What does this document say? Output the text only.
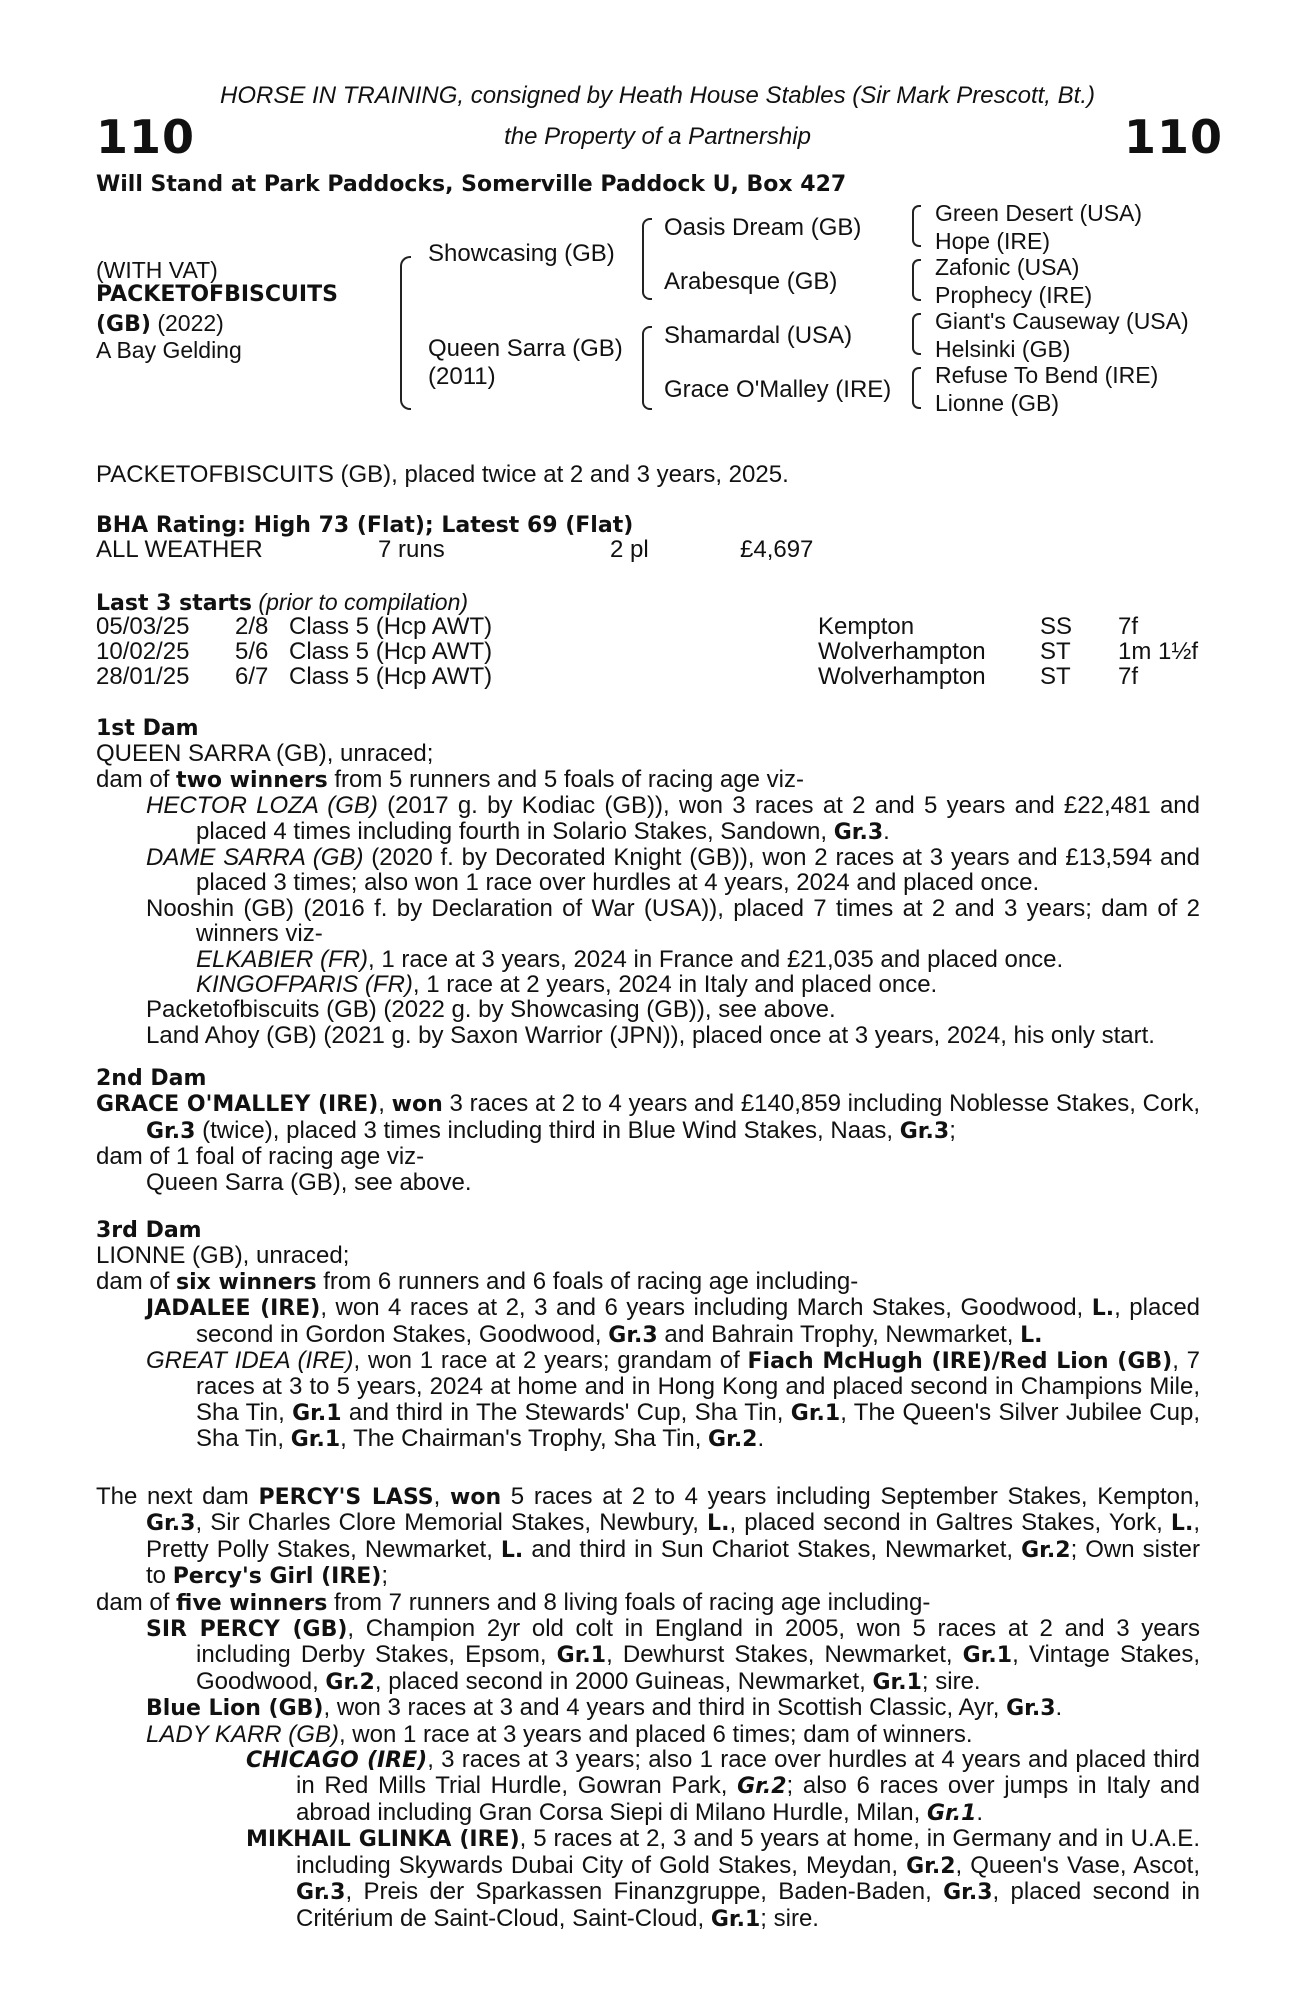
HORSE IN TRAINING, consigned by Heath House Stables (Sir Mark Prescott, Bt.)
110	the Property of a Partnership	110
Will Stand at Park Paddocks, Somerville Paddock U, Box 427
(WITH VAT)
PACKETOFBISCUITS
(GB) (2022)
A Bay Gelding
Showcasing (GB)
Queen Sarra (GB)
(2011)
Oasis Dream (GB)
Arabesque (GB)
Shamardal (USA)
Grace O'Malley (IRE)
Green Desert (USA)
Hope (IRE)
Zafonic (USA)
Prophecy (IRE)
Giant's Causeway (USA)
Helsinki (GB)
Refuse To Bend (IRE)
Lionne (GB)
PACKETOFBISCUITS (GB), placed twice at 2 and 3 years, 2025.
BHA Rating: High 73 (Flat); Latest 69 (Flat)
ALL WEATHER	7 runs	2 pl	£4,697
Last 3 starts (prior to compilation)
05/03/25 2/8 Class 5 (Hcp AWT)	Kempton	SS 7f
10/02/25 5/6 Class 5 (Hcp AWT)	Wolverhampton ST 1m 1½f
28/01/25 6/7 Class 5 (Hcp AWT)	Wolverhampton ST 7f

1st Dam

QUEEN SARRA (GB), unraced;

dam of two winners from 5 runners and 5 foals of racing age viz-

HECTOR LOZA (GB) (2017 g. by Kodiac (GB)), won 3 races at 2 and 5 years and £22,481 and placed 4 times including fourth in Solario Stakes, Sandown, Gr.3.

DAME SARRA (GB) (2020 f. by Decorated Knight (GB)), won 2 races at 3 years and £13,594 and placed 3 times; also won 1 race over hurdles at 4 years, 2024 and placed once.

Nooshin (GB) (2016 f. by Declaration of War (USA)), placed 7 times at 2 and 3 years; dam of 2 winners viz-

ELKABIER (FR), 1 race at 3 years, 2024 in France and £21,035 and placed once.

KINGOFPARIS (FR), 1 race at 2 years, 2024 in Italy and placed once.

Packetofbiscuits (GB) (2022 g. by Showcasing (GB)), see above.

Land Ahoy (GB) (2021 g. by Saxon Warrior (JPN)), placed once at 3 years, 2024, his only start.

2nd Dam

GRACE O'MALLEY (IRE), won 3 races at 2 to 4 years and £140,859 including Noblesse Stakes, Cork, Gr.3 (twice), placed 3 times including third in Blue Wind Stakes, Naas, Gr.3;

dam of 1 foal of racing age viz-

Queen Sarra (GB), see above.

3rd Dam

LIONNE (GB), unraced;

dam of six winners from 6 runners and 6 foals of racing age including-

JADALEE (IRE), won 4 races at 2, 3 and 6 years including March Stakes, Goodwood, L., placed second in Gordon Stakes, Goodwood, Gr.3 and Bahrain Trophy, Newmarket, L.

GREAT IDEA (IRE), won 1 race at 2 years; grandam of Fiach McHugh (IRE)/Red Lion (GB), 7 races at 3 to 5 years, 2024 at home and in Hong Kong and placed second in Champions Mile, Sha Tin, Gr.1 and third in The Stewards' Cup, Sha Tin, Gr.1, The Queen's Silver Jubilee Cup, Sha Tin, Gr.1, The Chairman's Trophy, Sha Tin, Gr.2.

The next dam PERCY'S LASS, won 5 races at 2 to 4 years including September Stakes, Kempton, Gr.3, Sir Charles Clore Memorial Stakes, Newbury, L., placed second in Galtres Stakes, York, L., Pretty Polly Stakes, Newmarket, L. and third in Sun Chariot Stakes, Newmarket, Gr.2; Own sister to Percy's Girl (IRE);

dam of five winners from 7 runners and 8 living foals of racing age including-

SIR PERCY (GB), Champion 2yr old colt in England in 2005, won 5 races at 2 and 3 years including Derby Stakes, Epsom, Gr.1, Dewhurst Stakes, Newmarket, Gr.1, Vintage Stakes, Goodwood, Gr.2, placed second in 2000 Guineas, Newmarket, Gr.1; sire.

Blue Lion (GB), won 3 races at 3 and 4 years and third in Scottish Classic, Ayr, Gr.3.

LADY KARR (GB), won 1 race at 3 years and placed 6 times; dam of winners.

CHICAGO (IRE), 3 races at 3 years; also 1 race over hurdles at 4 years and placed third in Red Mills Trial Hurdle, Gowran Park, Gr.2; also 6 races over jumps in Italy and abroad including Gran Corsa Siepi di Milano Hurdle, Milan, Gr.1.

MIKHAIL GLINKA (IRE), 5 races at 2, 3 and 5 years at home, in Germany and in U.A.E. including Skywards Dubai City of Gold Stakes, Meydan, Gr.2, Queen's Vase, Ascot, Gr.3, Preis der Sparkassen Finanzgruppe, Baden-Baden, Gr.3, placed second in Critérium de Saint-Cloud, Saint-Cloud, Gr.1; sire.
